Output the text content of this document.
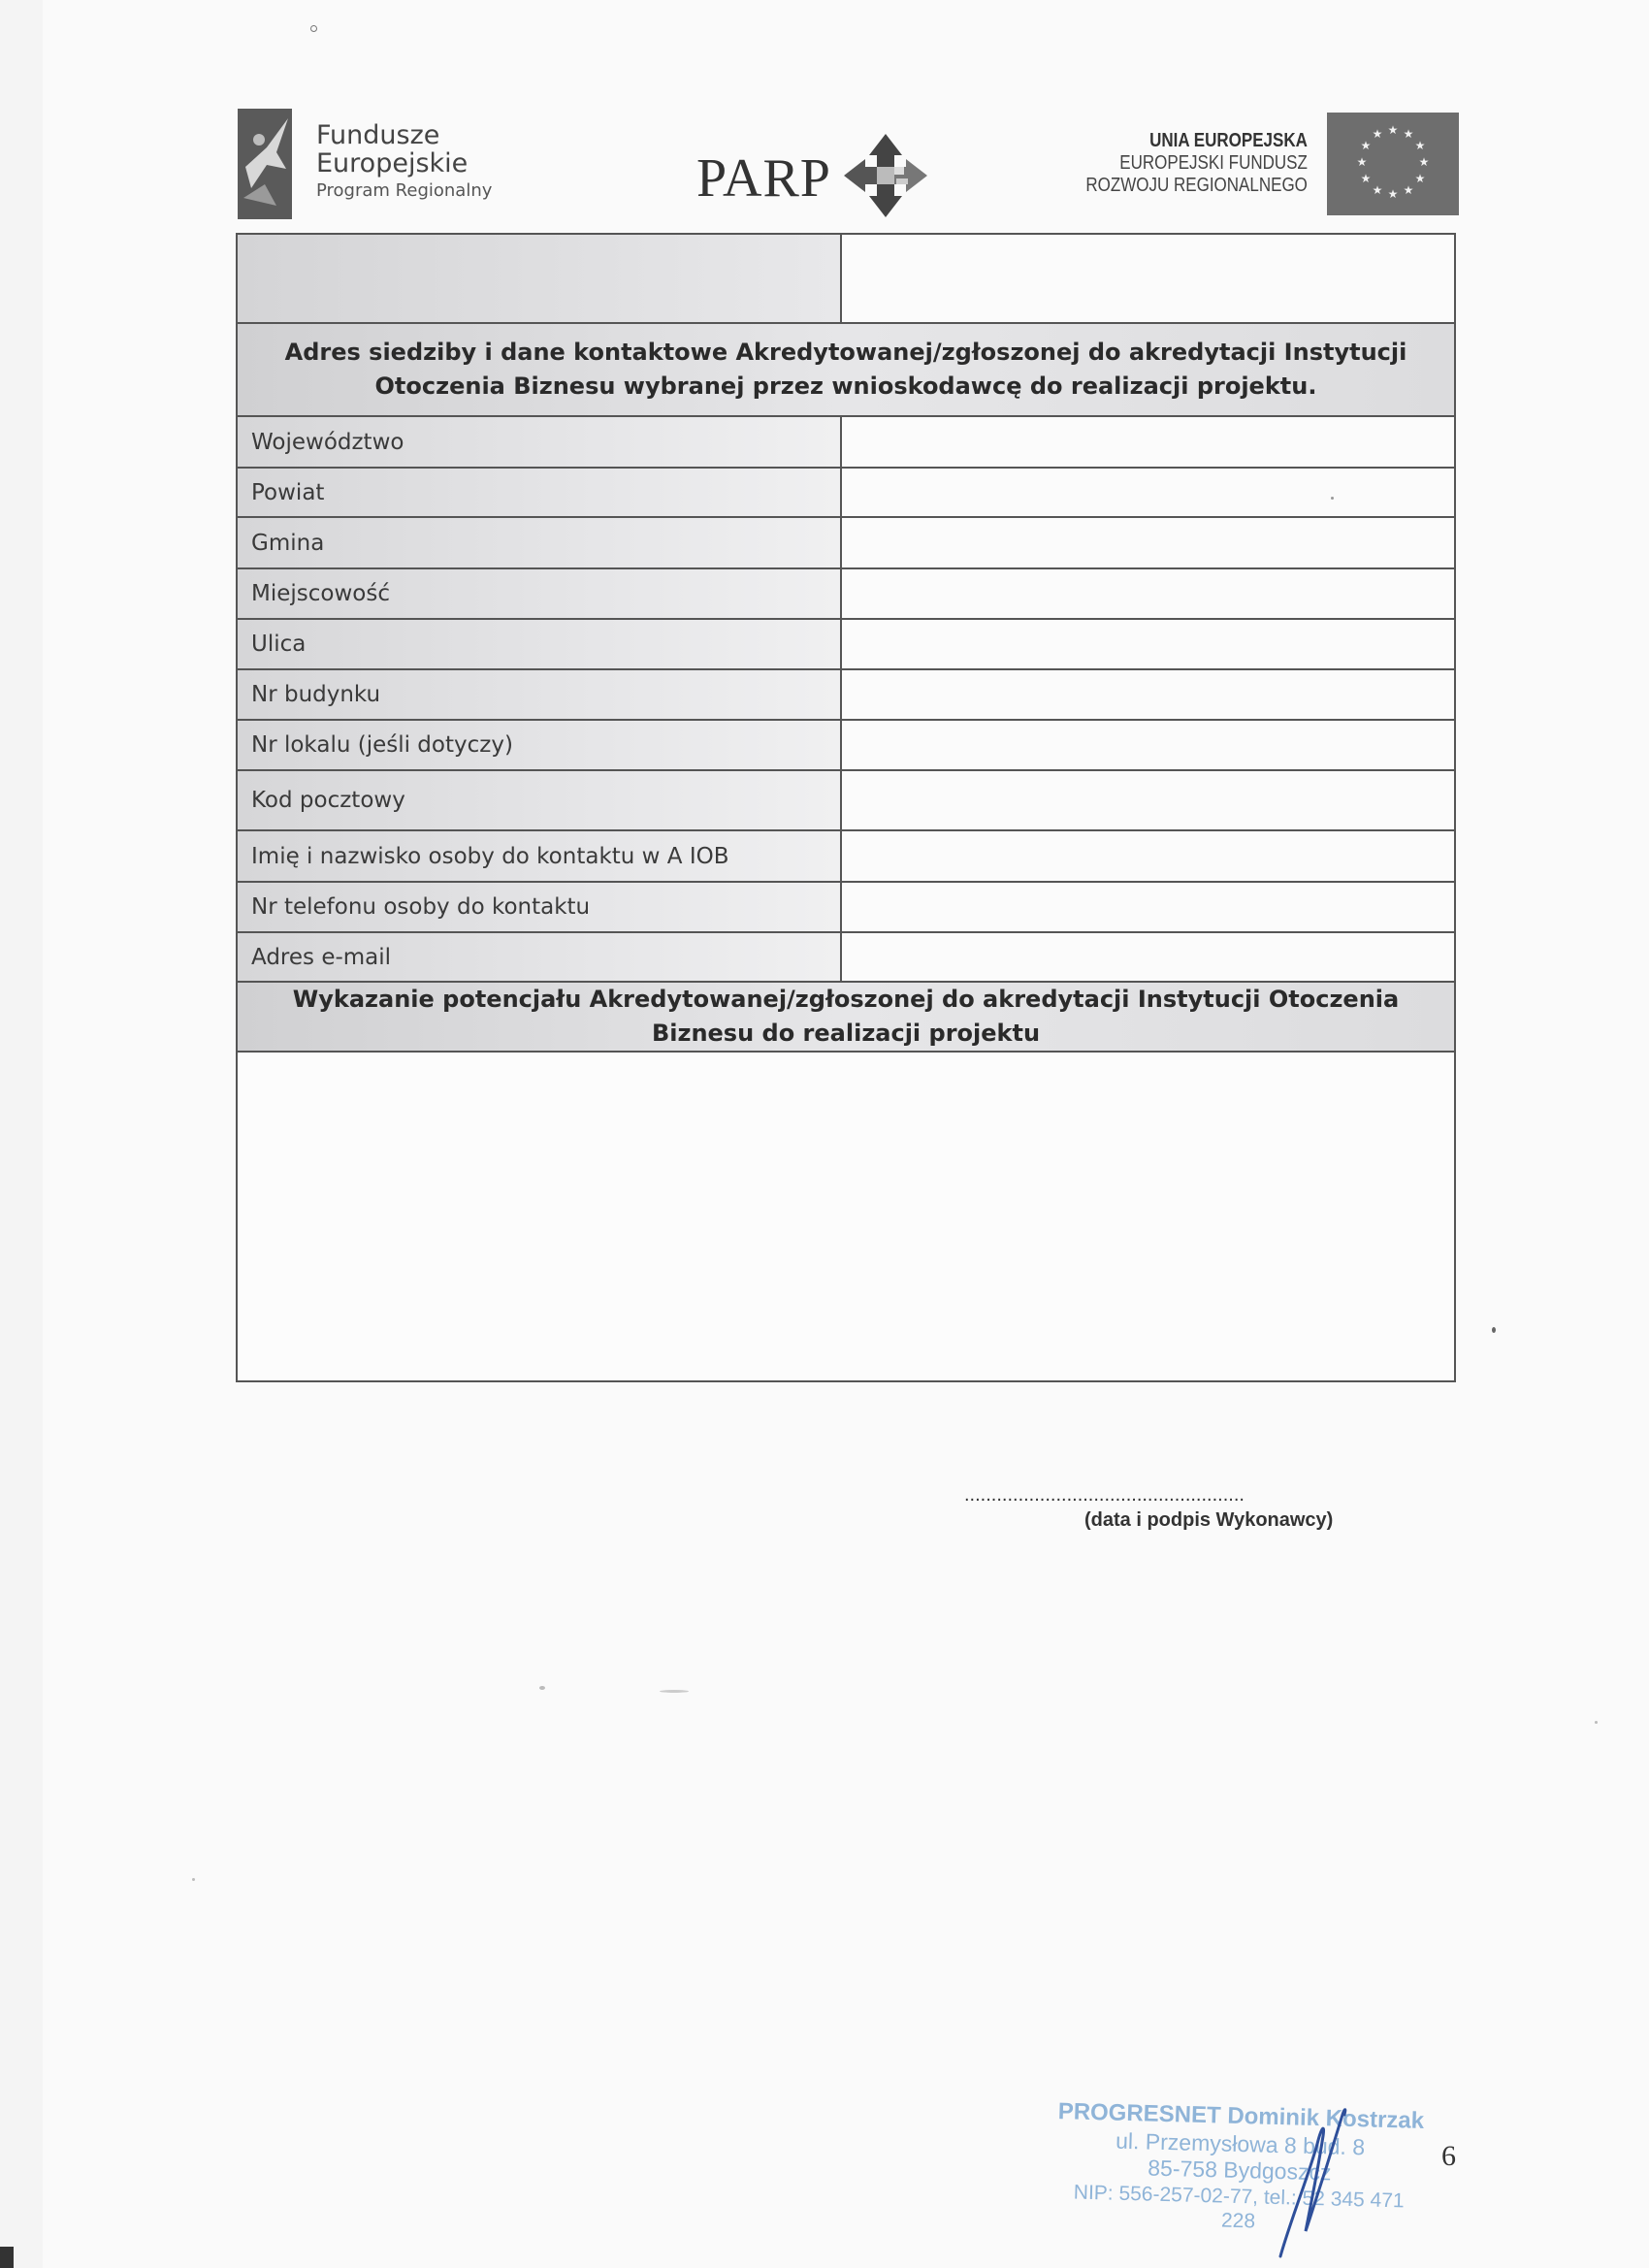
Fundusze
Europejskie
Program Regionalny	PARP
UNIA EUROPEJSKA
EUROPEJSKI FUNDUSZ
ROZWOJU REGIONALNEGO
★ ★
★
★
★
★
★
★
★
★
★
★

Adres siedziby i dane kontaktowe Akredytowanej/zgłoszonej do akredytacji Instytucji Otoczenia Biznesu wybranej przez wnioskodawcę do realizacji projektu.	
Województwo	
Powiat	
Gmina	
Miejscowość	
Ulica	
Nr budynku	
Nr lokalu (jeśli dotyczy)	
Kod pocztowy	
Imię i nazwisko osoby do kontaktu w A IOB	
Nr telefonu osoby do kontaktu	
Adres e-mail	
Wykazanie potencjału Akredytowanej/zgłoszonej do akredytacji Instytucji Otoczenia Biznesu do realizacji projektu	

....................................................
(data i podpis Wykonawcy)
PROGRESNET Dominik Kostrzak
ul. Przemysłowa 8 bud. 8
85-758 Bydgoszcz
NIP: 556-257-02-77, tel.: 52 345 471 228
6
